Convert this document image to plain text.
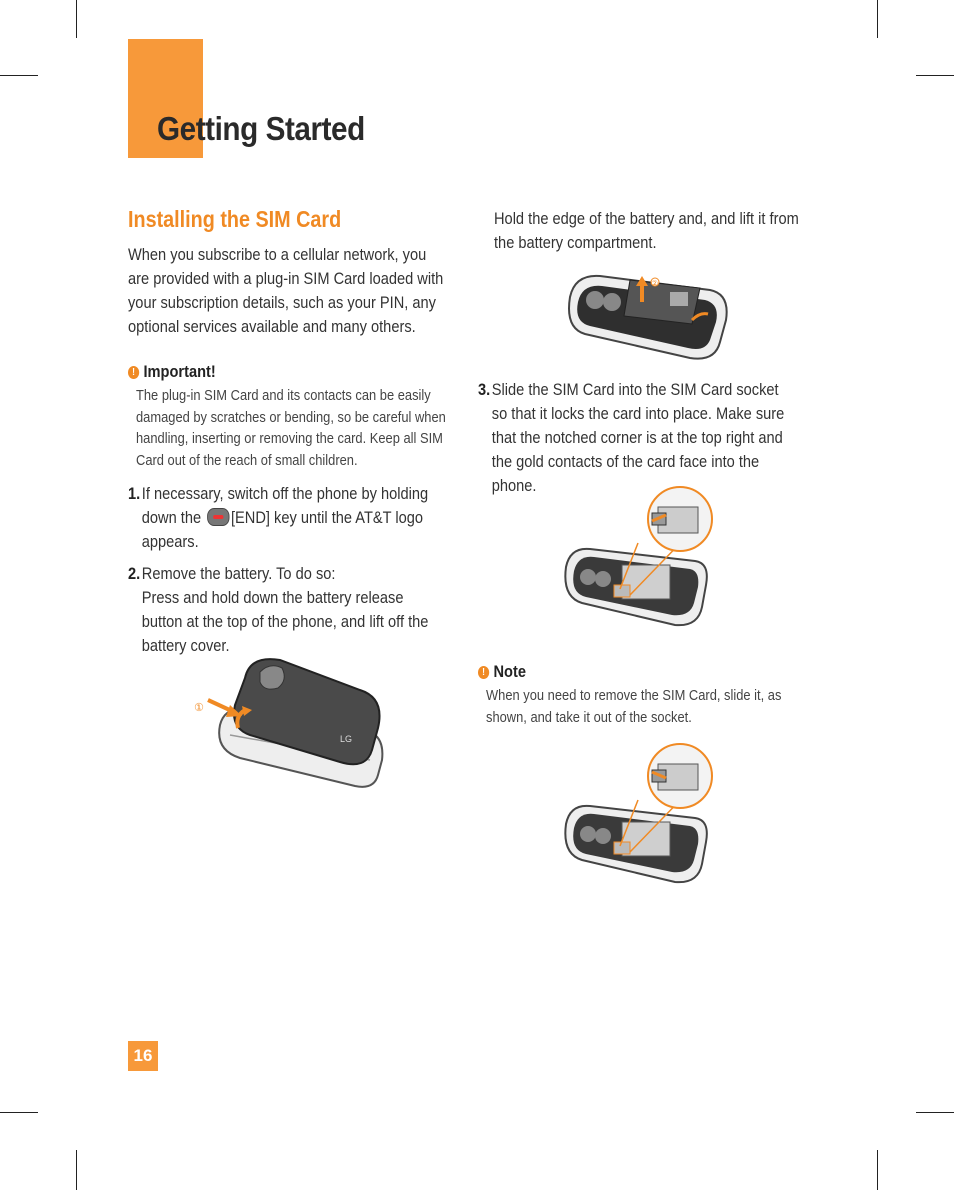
Getting Started
Installing the SIM Card

When you subscribe to a cellular network, you are provided with a plug-in SIM Card loaded with your subscription details, such as your PIN, any optional services available and many others.

! Important!

The plug-in SIM Card and its contacts can be easily damaged by scratches or bending, so be careful when handling, inserting or removing the card. Keep all SIM Card out of the reach of small children.

1. If necessary, switch off the phone by holding down the [END] key until the AT&T logo appears.
2. Remove the battery. To do so:
Press and hold down the battery release button at the top of the phone, and lift off the battery cover.
LG
①

Hold the edge of the battery and, and lift it from the battery compartment.

②
3. Slide the SIM Card into the SIM Card socket so that it locks the card into place. Make sure that the notched corner is at the top right and the gold contacts of the card face into the phone.
! Note

When you need to remove the SIM Card, slide it, as shown, and take it out of the socket.

16
